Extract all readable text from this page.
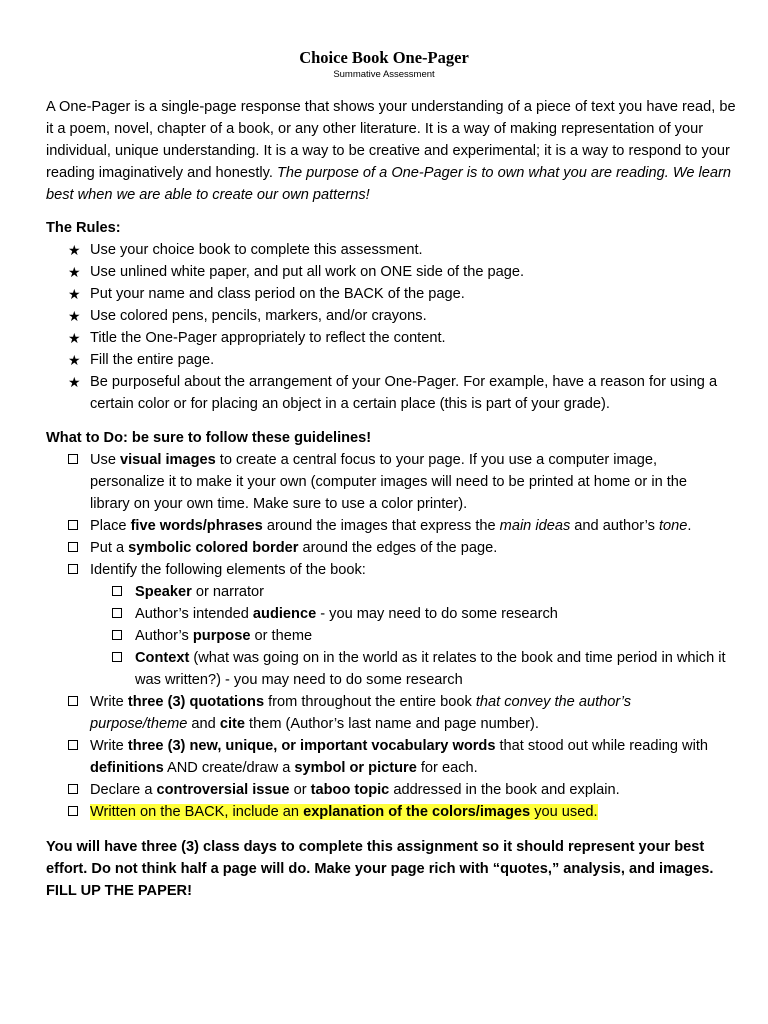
Choice Book One-Pager
Summative Assessment
A One-Pager is a single-page response that shows your understanding of a piece of text you have read, be it a poem, novel, chapter of a book, or any other literature. It is a way of making representation of your individual, unique understanding. It is a way to be creative and experimental; it is a way to respond to your reading imaginatively and honestly. The purpose of a One-Pager is to own what you are reading. We learn best when we are able to create our own patterns!
The Rules:
★ Use your choice book to complete this assessment.
★ Use unlined white paper, and put all work on ONE side of the page.
★ Put your name and class period on the BACK of the page.
★ Use colored pens, pencils, markers, and/or crayons.
★ Title the One-Pager appropriately to reflect the content.
★ Fill the entire page.
★ Be purposeful about the arrangement of your One-Pager. For example, have a reason for using a certain color or for placing an object in a certain place (this is part of your grade).
What to Do: be sure to follow these guidelines!
Use visual images to create a central focus to your page. If you use a computer image, personalize it to make it your own (computer images will need to be printed at home or in the library on your own time. Make sure to use a color printer).
Place five words/phrases around the images that express the main ideas and author’s tone.
Put a symbolic colored border around the edges of the page.
Identify the following elements of the book:
Speaker or narrator
Author’s intended audience - you may need to do some research
Author’s purpose or theme
Context (what was going on in the world as it relates to the book and time period in which it was written?) - you may need to do some research
Write three (3) quotations from throughout the entire book that convey the author’s purpose/theme and cite them (Author’s last name and page number).
Write three (3) new, unique, or important vocabulary words that stood out while reading with definitions AND create/draw a symbol or picture for each.
Declare a controversial issue or taboo topic addressed in the book and explain.
Written on the BACK, include an explanation of the colors/images you used.
You will have three (3) class days to complete this assignment so it should represent your best effort. Do not think half a page will do. Make your page rich with “quotes,” analysis, and images. FILL UP THE PAPER!
